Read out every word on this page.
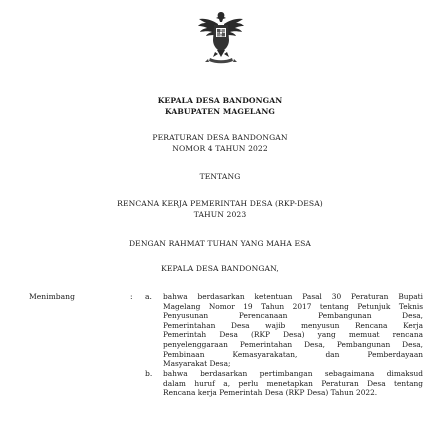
KEPALA DESA BANDONGAN
KABUPATEN MAGELANG
PERATURAN DESA BANDONGAN
NOMOR 4 TAHUN 2022
TENTANG
RENCANA KERJA PEMERINTAH DESA (RKP-DESA)
TAHUN 2023
DENGAN RAHMAT TUHAN YANG MAHA ESA
KEPALA DESA BANDONGAN,
Menimbang	: a. bahwa berdasarkan ketentuan Pasal 30 Peraturan Bupati
Magelang Nomor 19 Tahun 2017 tentang Petunjuk Teknis
Penyusunan Perencanaan Pembangunan Desa,
Pemerintahan Desa wajib menyusun Rencana Kerja
Pemerintah Desa (RKP Desa) yang memuat rencana
penyelenggaraan Pemerintahan Desa, Pembangunan Desa,
Pembinaan Kemasyarakatan, dan Pemberdayaan
Masyarakat Desa;
b. bahwa berdasarkan pertimbangan sebagaimana dimaksud
dalam huruf a, perlu menetapkan Peraturan Desa tentang
Rencana kerja Pemerintah Desa (RKP Desa) Tahun 2022.
